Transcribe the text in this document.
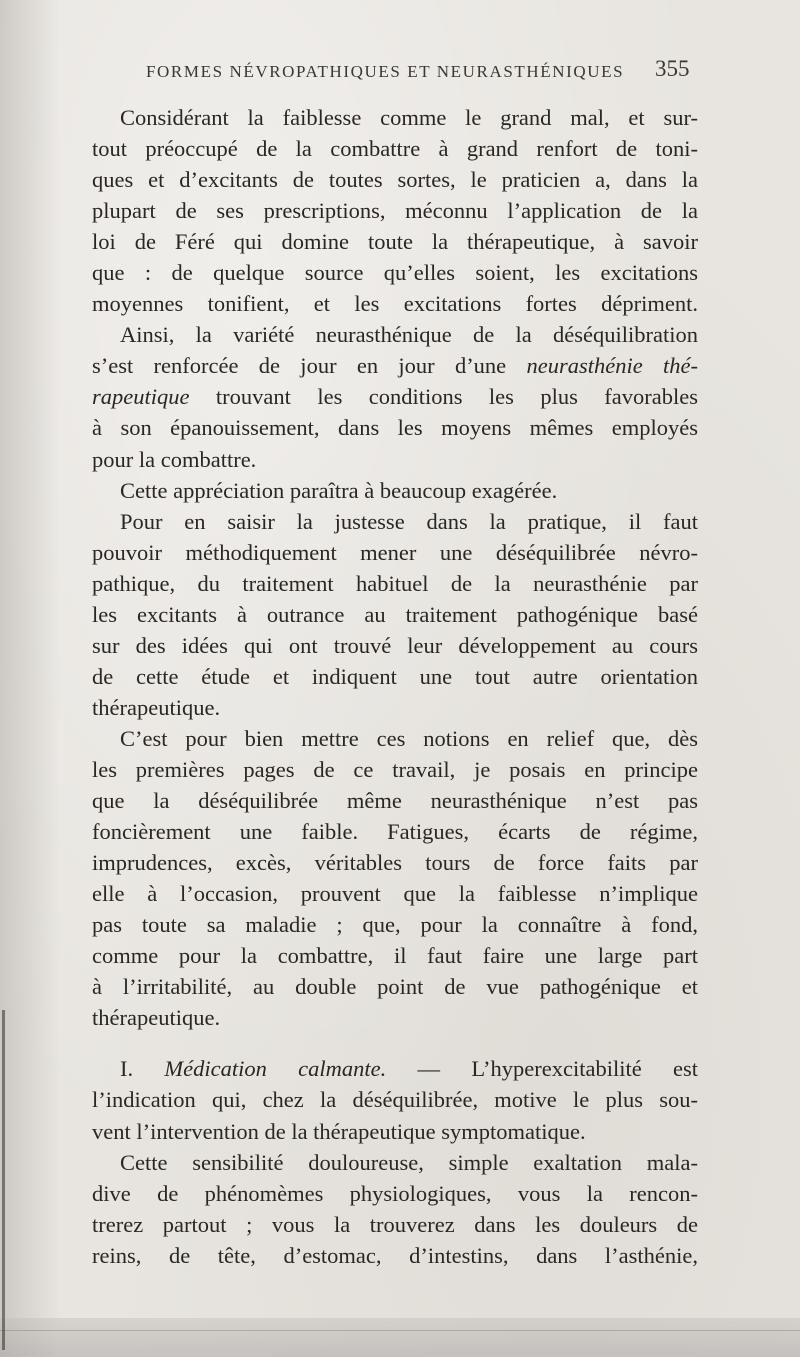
FORMES NÉVROPATHIQUES ET NEURASTHÉNIQUES	355
Considérant la faiblesse comme le grand mal, et sur-
tout préoccupé de la combattre à grand renfort de toni-
ques et d’excitants de toutes sortes, le praticien a, dans la
plupart de ses prescriptions, méconnu l’application de la
loi de Féré qui domine toute la thérapeutique, à savoir
que : de quelque source qu’elles soient, les excitations
moyennes tonifient, et les excitations fortes dépriment.
Ainsi, la variété neurasthénique de la déséquilibration
s’est renforcée de jour en jour d’une neurasthénie thé-
rapeutique trouvant les conditions les plus favorables
à son épanouissement, dans les moyens mêmes employés
pour la combattre.
Cette appréciation paraîtra à beaucoup exagérée.
Pour en saisir la justesse dans la pratique, il faut
pouvoir méthodiquement mener une déséquilibrée névro-
pathique, du traitement habituel de la neurasthénie par
les excitants à outrance au traitement pathogénique basé
sur des idées qui ont trouvé leur développement au cours
de cette étude et indiquent une tout autre orientation
thérapeutique.
C’est pour bien mettre ces notions en relief que, dès
les premières pages de ce travail, je posais en principe
que la déséquilibrée même neurasthénique n’est pas
foncièrement une faible. Fatigues, écarts de régime,
imprudences, excès, véritables tours de force faits par
elle à l’occasion, prouvent que la faiblesse n’implique
pas toute sa maladie ; que, pour la connaître à fond,
comme pour la combattre, il faut faire une large part
à l’irritabilité, au double point de vue pathogénique et
thérapeutique.
I. Médication calmante. — L’hyperexcitabilité est
l’indication qui, chez la déséquilibrée, motive le plus sou-
vent l’intervention de la thérapeutique symptomatique.
Cette sensibilité douloureuse, simple exaltation mala-
dive de phénomèmes physiologiques, vous la rencon-
trerez partout ; vous la trouverez dans les douleurs de
reins, de tête, d’estomac, d’intestins, dans l’asthénie,
